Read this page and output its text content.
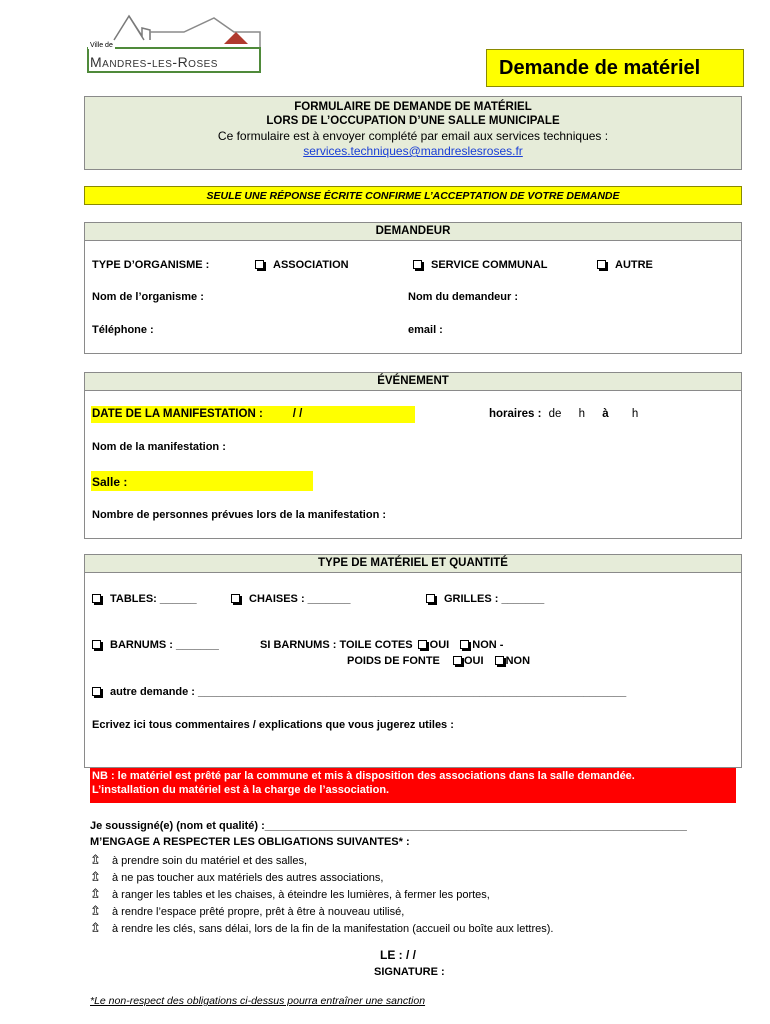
Ville de
Mandres-les-Roses	Demande de matériel
FORMULAIRE DE DEMANDE DE MATÉRIEL
LORS DE L’OCCUPATION D’UNE SALLE MUNICIPALE
Ce formulaire est à envoyer complété par email aux services techniques :
services.techniques@mandreslesroses.fr
SEULE UNE RÉPONSE ÉCRITE CONFIRME L’ACCEPTATION DE VOTRE DEMANDE
DEMANDEUR
TYPE D’ORGANISME :	ASSOCIATION	SERVICE COMMUNAL	AUTRE
Nom de l’organisme :	Nom du demandeur :
Téléphone :	email :
ÉVÉNEMENT
DATE DE LA MANIFESTATION :	/ /	horaires : de h à h
Nom de la manifestation :
Salle :
Nombre de personnes prévues lors de la manifestation :
TYPE DE MATÉRIEL ET QUANTITÉ
TABLES: ______	CHAISES : _______	GRILLES : _______
BARNUMS : _______	SI BARNUMS : TOILE COTES OUI NON -
POIDS DE FONTE OUI NON
autre demande : ______________________________________________________________________
Ecrivez ici tous commentaires / explications que vous jugerez utiles :
NB : le matériel est prêté par la commune et mis à disposition des associations dans la salle demandée.
L’installation du matériel est à la charge de l’association.
Je soussigné(e) (nom et qualité) :_____________________________________________________________________
M’ENGAGE A RESPECTER LES OBLIGATIONS SUIVANTES* :
⇬ à prendre soin du matériel et des salles,
⇬ à ne pas toucher aux matériels des autres associations,
⇬ à ranger les tables et les chaises, à éteindre les lumières, à fermer les portes,
⇬ à rendre l’espace prêté propre, prêt à être à nouveau utilisé,
⇬ à rendre les clés, sans délai, lors de la fin de la manifestation (accueil ou boîte aux lettres).
LE : / /
SIGNATURE :
*Le non-respect des obligations ci-dessus pourra entraîner une sanction
